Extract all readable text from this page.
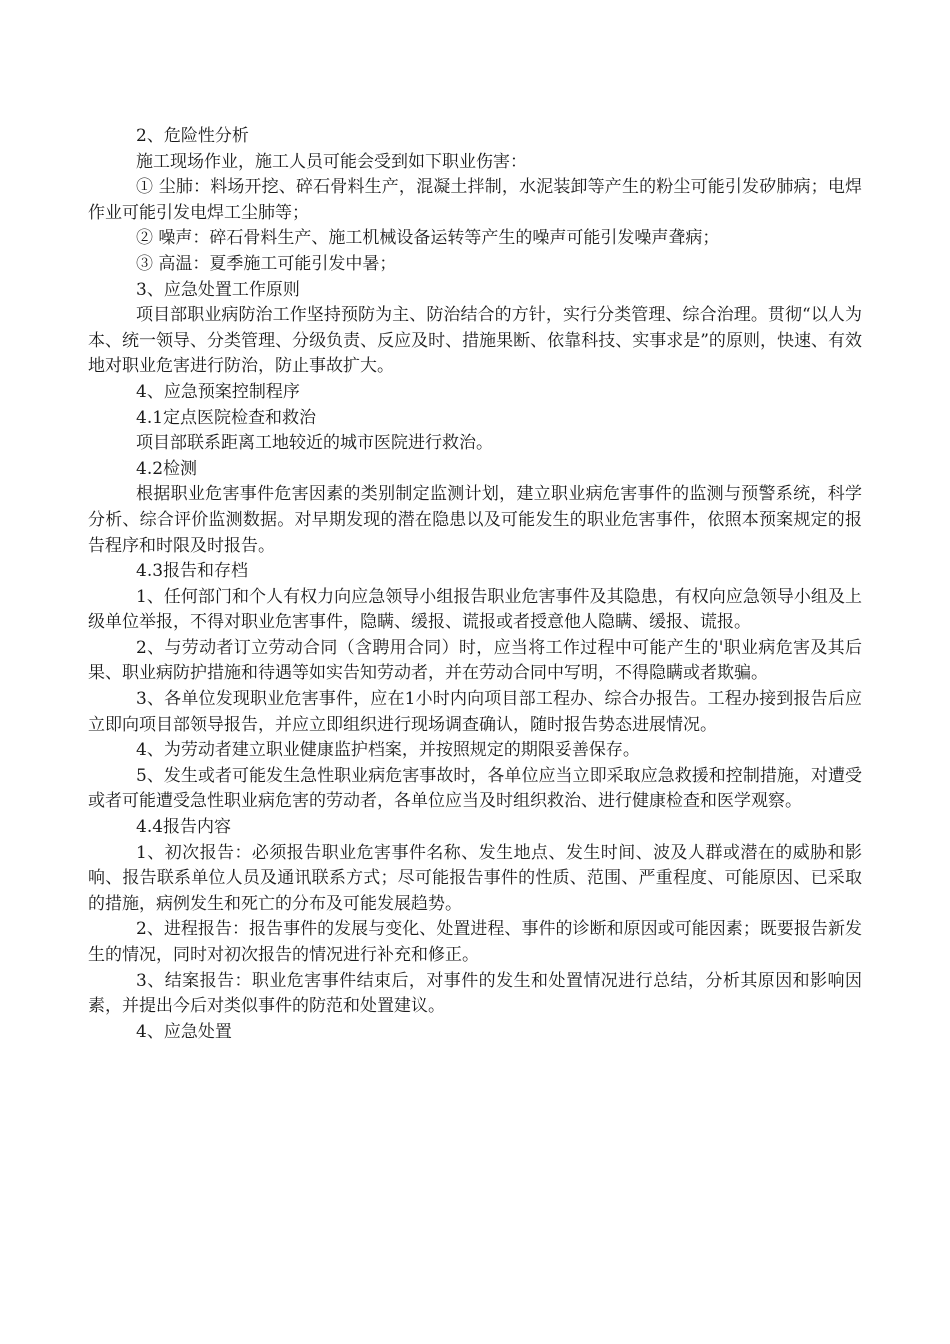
2、危险性分析

施工现场作业，施工人员可能会受到如下职业伤害：

① 尘肺：料场开挖、碎石骨料生产，混凝土拌制，水泥装卸等产生的粉尘可能引发矽肺病；电焊作业可能引发电焊工尘肺等；

② 噪声：碎石骨料生产、施工机械设备运转等产生的噪声可能引发噪声聋病；

③ 高温：夏季施工可能引发中暑；

3、应急处置工作原则

项目部职业病防治工作坚持预防为主、防治结合的方针，实行分类管理、综合治理。贯彻“以人为本、统一领导、分类管理、分级负责、反应及时、措施果断、依靠科技、实事求是”的原则，快速、有效地对职业危害进行防治，防止事故扩大。

4、应急预案控制程序

4.1定点医院检查和救治

项目部联系距离工地较近的城市医院进行救治。

4.2检测

根据职业危害事件危害因素的类别制定监测计划，建立职业病危害事件的监测与预警系统，科学分析、综合评价监测数据。对早期发现的潜在隐患以及可能发生的职业危害事件，依照本预案规定的报告程序和时限及时报告。

4.3报告和存档

1、任何部门和个人有权力向应急领导小组报告职业危害事件及其隐患，有权向应急领导小组及上级单位举报，不得对职业危害事件，隐瞒、缓报、谎报或者授意他人隐瞒、缓报、谎报。

2、与劳动者订立劳动合同（含聘用合同）时，应当将工作过程中可能产生的'职业病危害及其后果、职业病防护措施和待遇等如实告知劳动者，并在劳动合同中写明，不得隐瞒或者欺骗。

3、各单位发现职业危害事件，应在1小时内向项目部工程办、综合办报告。工程办接到报告后应立即向项目部领导报告，并应立即组织进行现场调查确认，随时报告势态进展情况。

4、为劳动者建立职业健康监护档案，并按照规定的期限妥善保存。

5、发生或者可能发生急性职业病危害事故时，各单位应当立即采取应急救援和控制措施，对遭受或者可能遭受急性职业病危害的劳动者，各单位应当及时组织救治、进行健康检查和医学观察。

4.4报告内容

1、初次报告：必须报告职业危害事件名称、发生地点、发生时间、波及人群或潜在的威胁和影响、报告联系单位人员及通讯联系方式；尽可能报告事件的性质、范围、严重程度、可能原因、已采取的措施，病例发生和死亡的分布及可能发展趋势。

2、进程报告：报告事件的发展与变化、处置进程、事件的诊断和原因或可能因素；既要报告新发生的情况，同时对初次报告的情况进行补充和修正。

3、结案报告：职业危害事件结束后，对事件的发生和处置情况进行总结，分析其原因和影响因素，并提出今后对类似事件的防范和处置建议。

4、应急处置
